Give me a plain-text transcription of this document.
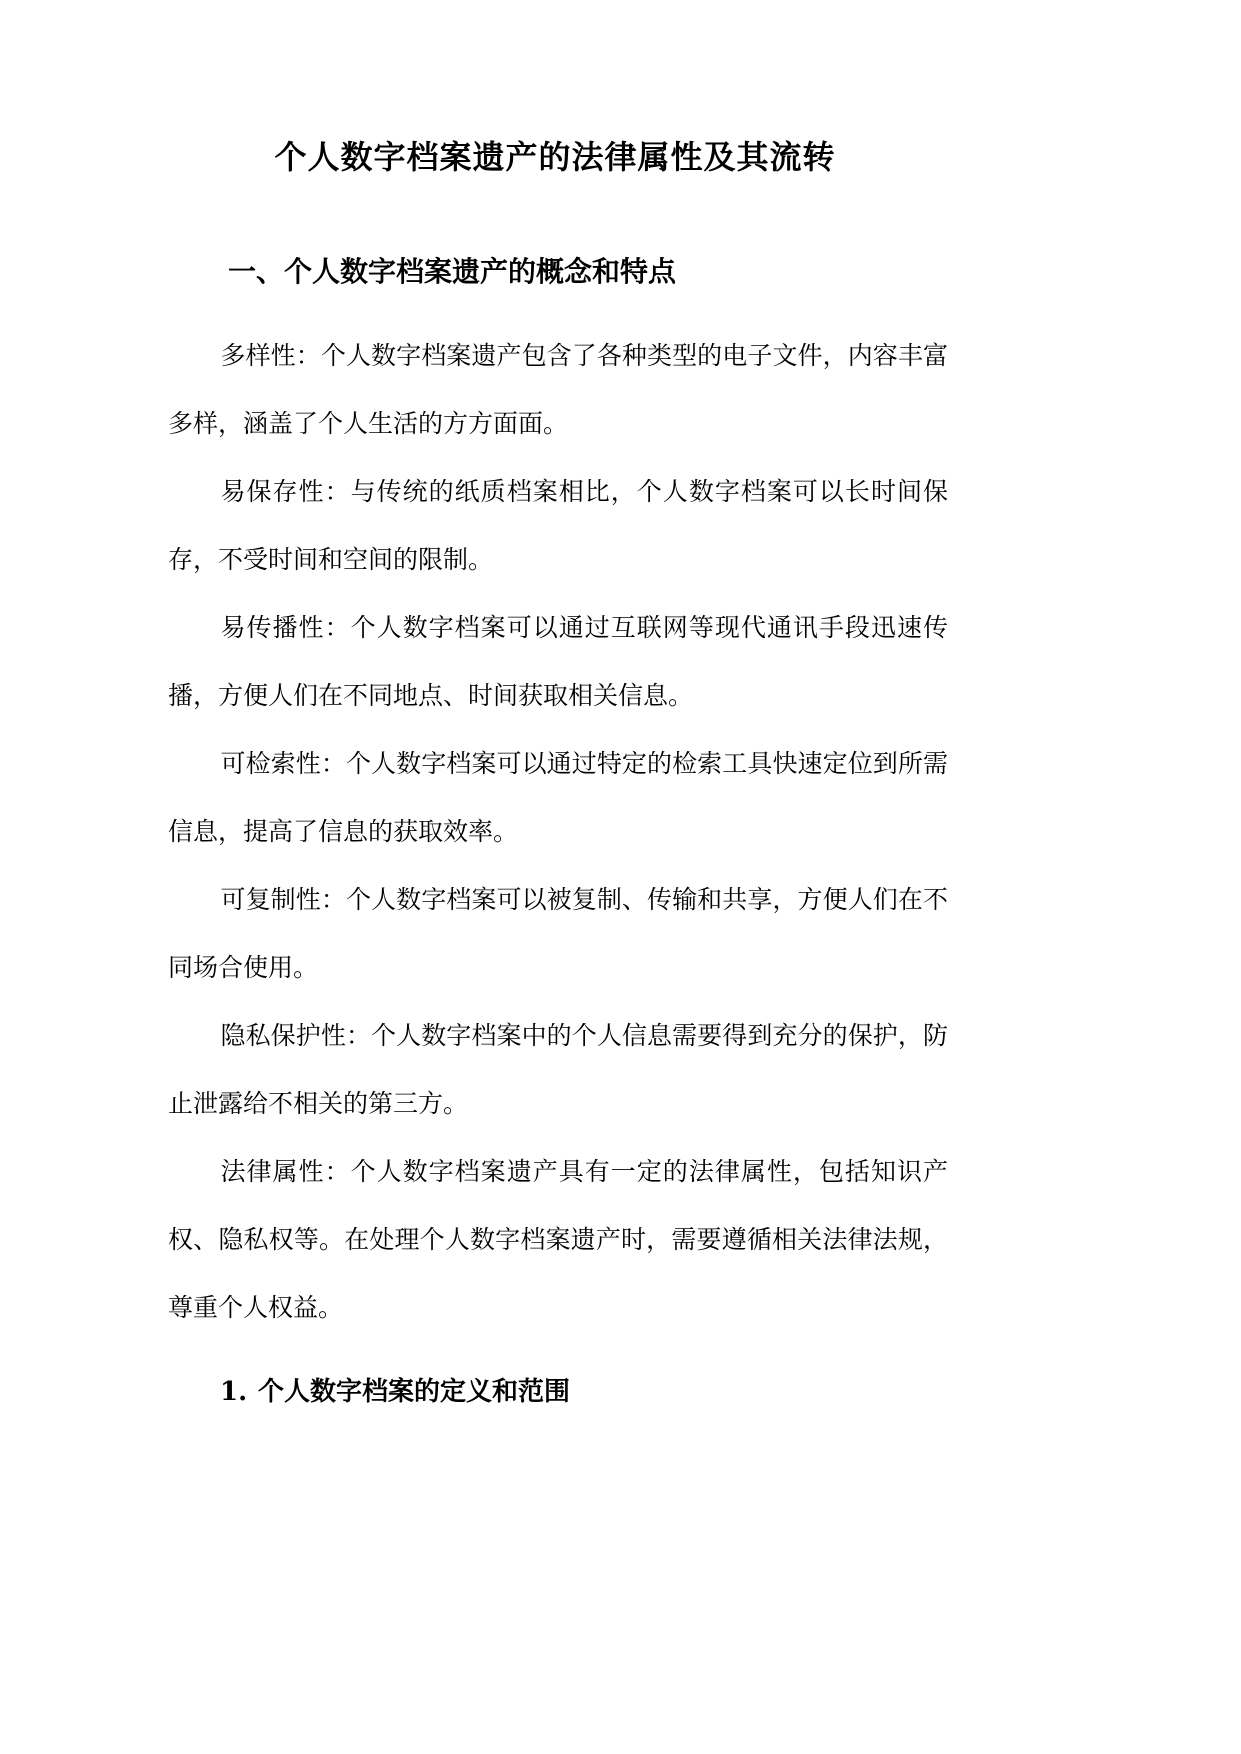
个人数字档案遗产的法律属性及其流转
一、个人数字档案遗产的概念和特点

多样性：个人数字档案遗产包含了各种类型的电子文件，内容丰富多样，涵盖了个人生活的方方面面。

易保存性：与传统的纸质档案相比，个人数字档案可以长时间保存，不受时间和空间的限制。

易传播性：个人数字档案可以通过互联网等现代通讯手段迅速传播，方便人们在不同地点、时间获取相关信息。

可检索性：个人数字档案可以通过特定的检索工具快速定位到所需信息，提高了信息的获取效率。

可复制性：个人数字档案可以被复制、传输和共享，方便人们在不同场合使用。

隐私保护性：个人数字档案中的个人信息需要得到充分的保护，防止泄露给不相关的第三方。

法律属性：个人数字档案遗产具有一定的法律属性，包括知识产权、隐私权等。在处理个人数字档案遗产时，需要遵循相关法律法规，尊重个人权益。

1. 个人数字档案的定义和范围
